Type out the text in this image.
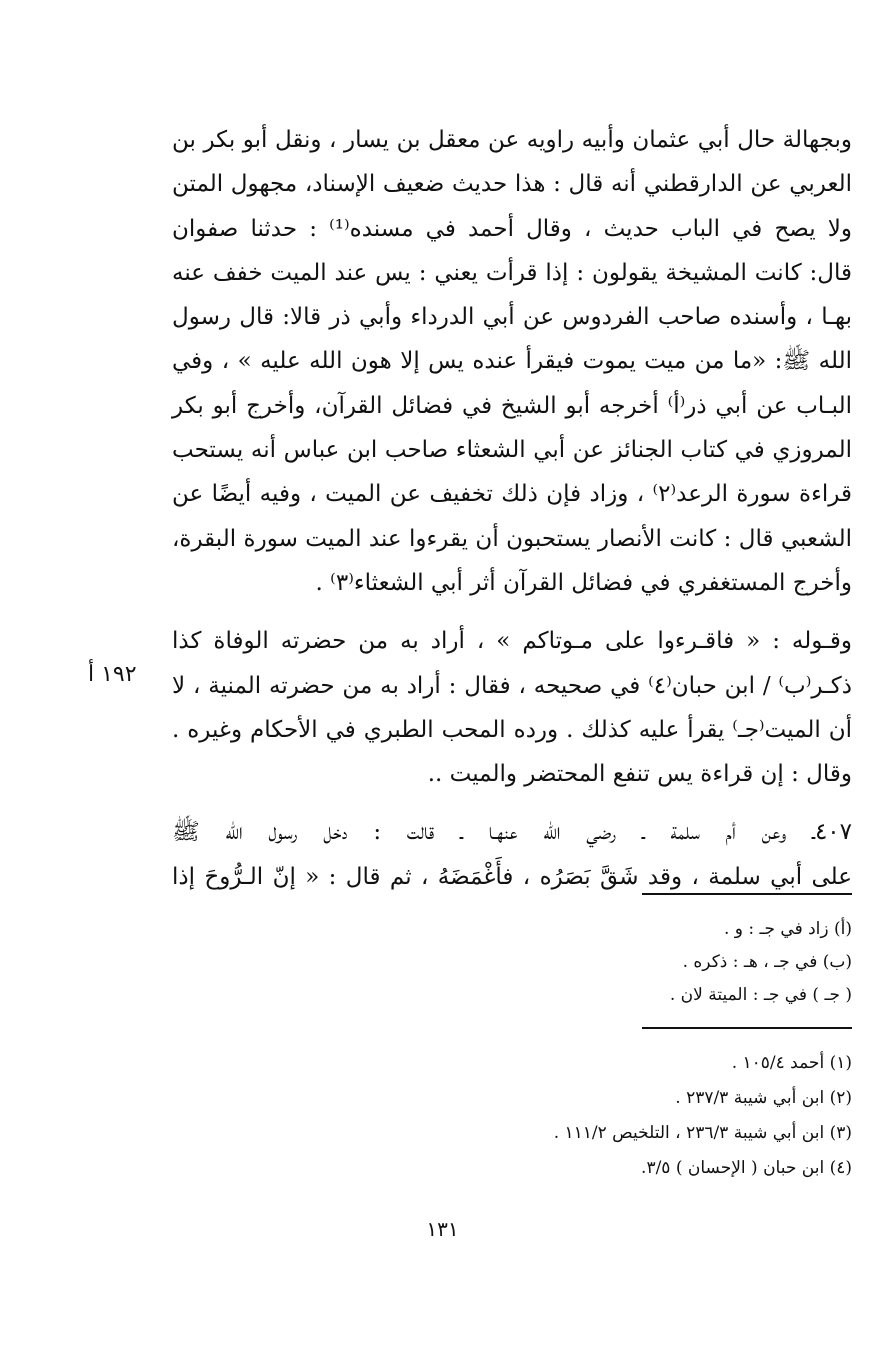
وبجهالة حال أبي عثمان وأبيه راويه عن معقل بن يسار ، ونقل أبو بكر بن
العربي عن الدارقطني أنه قال : هذا حديث ضعيف الإسناد، مجهول المتن
ولا يصح في الباب حديث ، وقال أحمد في مسنده⁽¹⁾ : حدثنا صفوان
قال: كانت المشيخة يقولون : إذا قرأت يعني : يس عند الميت خفف عنه
بهـا ، وأسنده صاحب الفردوس عن أبي الدرداء وأبي ذر قالا: قال رسول
الله ﷺ: «ما من ميت يموت فيقرأ عنده يس إلا هون الله عليه » ، وفي
البـاب عن أبي ذر⁽أ⁾ أخرجه أبو الشيخ في فضائل القرآن، وأخرج أبو بكر
المروزي في كتاب الجنائز عن أبي الشعثاء صاحب ابن عباس أنه يستحب
قراءة سورة الرعد⁽٢⁾ ، وزاد فإن ذلك تخفيف عن الميت ، وفيه أيضًا عن
الشعبي قال : كانت الأنصار يستحبون أن يقرءوا عند الميت سورة البقرة،
وأخرج المستغفري في فضائل القرآن أثر أبي الشعثاء⁽٣⁾ .
وقـوله : « فاقـرءوا على مـوتاكم » ، أراد به من حضرته الوفاة كذا
ذكـر⁽ب⁾ / ابن حبان⁽٤⁾ في صحيحه ، فقال : أراد به من حضرته المنية ، لا
أن الميت⁽جـ⁾ يقرأ عليه كذلك . ورده المحب الطبري في الأحكام وغيره .
وقال : إن قراءة يس تنفع المحتضر والميت ..
٤٠٧ـ وعن أم سلمة ـ رضي الله عنهـا ـ قالت : دخل رسول الله ﷺ
على أبي سلمة ، وقد شَقَّ بَصَرُه ، فأَغْمَضَهُ ، ثم قال : « إنّ الـرُّوحَ إذا
١٩٢ أ
(أ) زاد في جـ : و .
(ب) في جـ ، هـ : ذكره .
( جـ ) في جـ : الميتة لان .
(١) أحمد ١٠٥/٤ .
(٢) ابن أبي شيبة ٢٣٧/٣ .
(٣) ابن أبي شيبة ٢٣٦/٣ ، التلخيص ١١١/٢ .
(٤) ابن حبان ( الإحسان ) ٣/٥.
١٣١
